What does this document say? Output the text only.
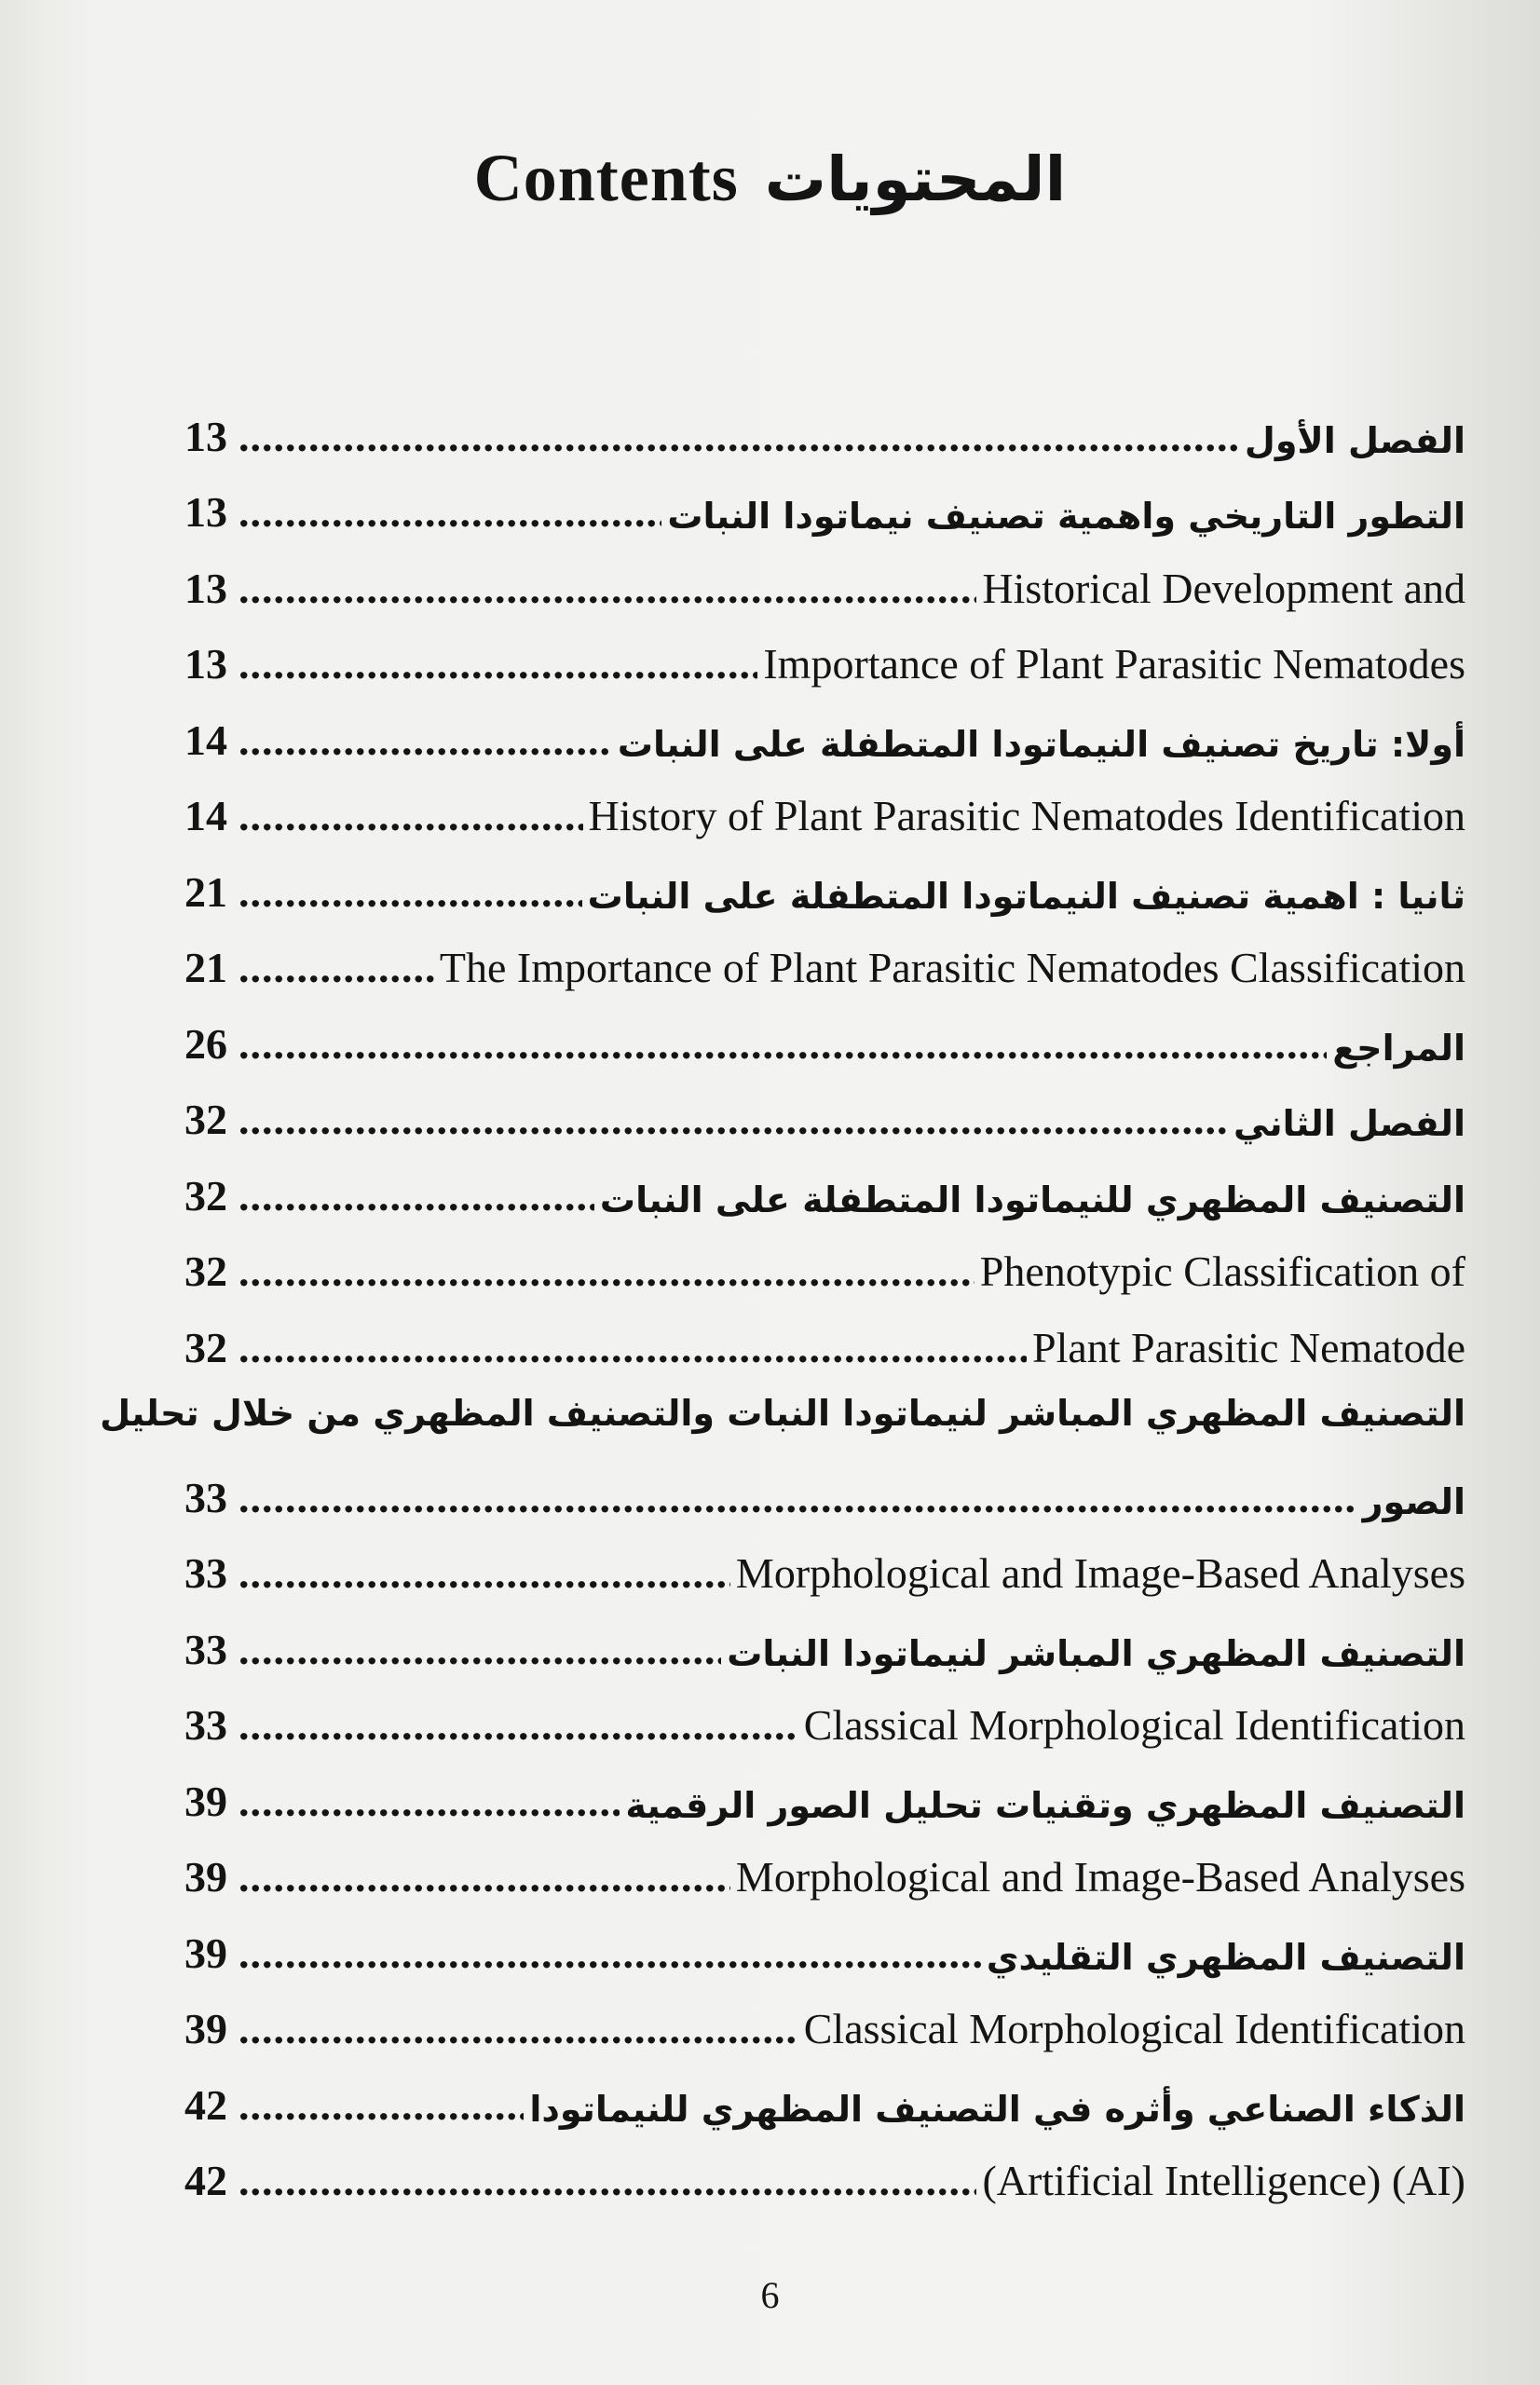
Contents المحتويات
13 .....	الفصل الأول
13 .....	التطور التاريخي واهمية تصنيف نيماتودا النبات
13 .....	Historical Development and
13 .....	Importance of Plant Parasitic Nematodes
14 .....	أولا: تاريخ تصنيف النيماتودا المتطفلة على النبات
14 .....	History of Plant Parasitic Nematodes Identification
21 .....	ثانيا : اهمية تصنيف النيماتودا المتطفلة على النبات
21 .....	The Importance of Plant Parasitic Nematodes Classification
26 .....	المراجع
32 .....	الفصل الثاني
32 .....	التصنيف المظهري للنيماتودا المتطفلة على النبات
32 .....	Phenotypic Classification of
32 .....	Plant Parasitic Nematode
التصنيف المظهري المباشر لنيماتودا النبات والتصنيف المظهري من خلال تحليل
33 .....	الصور
33 .....	Morphological and Image-Based Analyses
33 .....	التصنيف المظهري المباشر لنيماتودا النبات
33 .....	Classical Morphological Identification
39 .....	التصنيف المظهري وتقنيات تحليل الصور الرقمية
39 .....	Morphological and Image-Based Analyses
39 .....	التصنيف المظهري التقليدي
39 .....	Classical Morphological Identification
42 .....	الذكاء الصناعي وأثره في التصنيف المظهري للنيماتودا
42 .....	(Artificial Intelligence) (AI)
6
